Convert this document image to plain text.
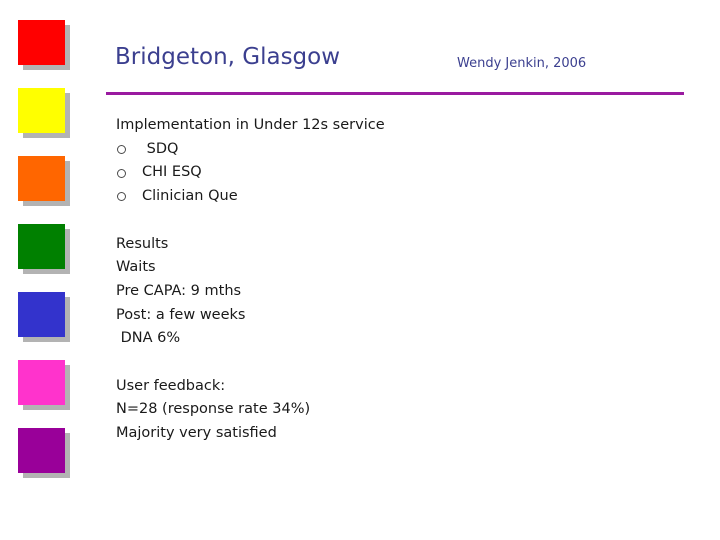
Bridgeton, Glasgow	Wendy Jenkin, 2006
Implementation in Under 12s service
SDQ
CHI ESQ
Clinician Que
Results
Waits
Pre CAPA: 9 mths
Post: a few weeks
DNA 6%
User feedback:
N=28 (response rate 34%)
Majority very satisfied
